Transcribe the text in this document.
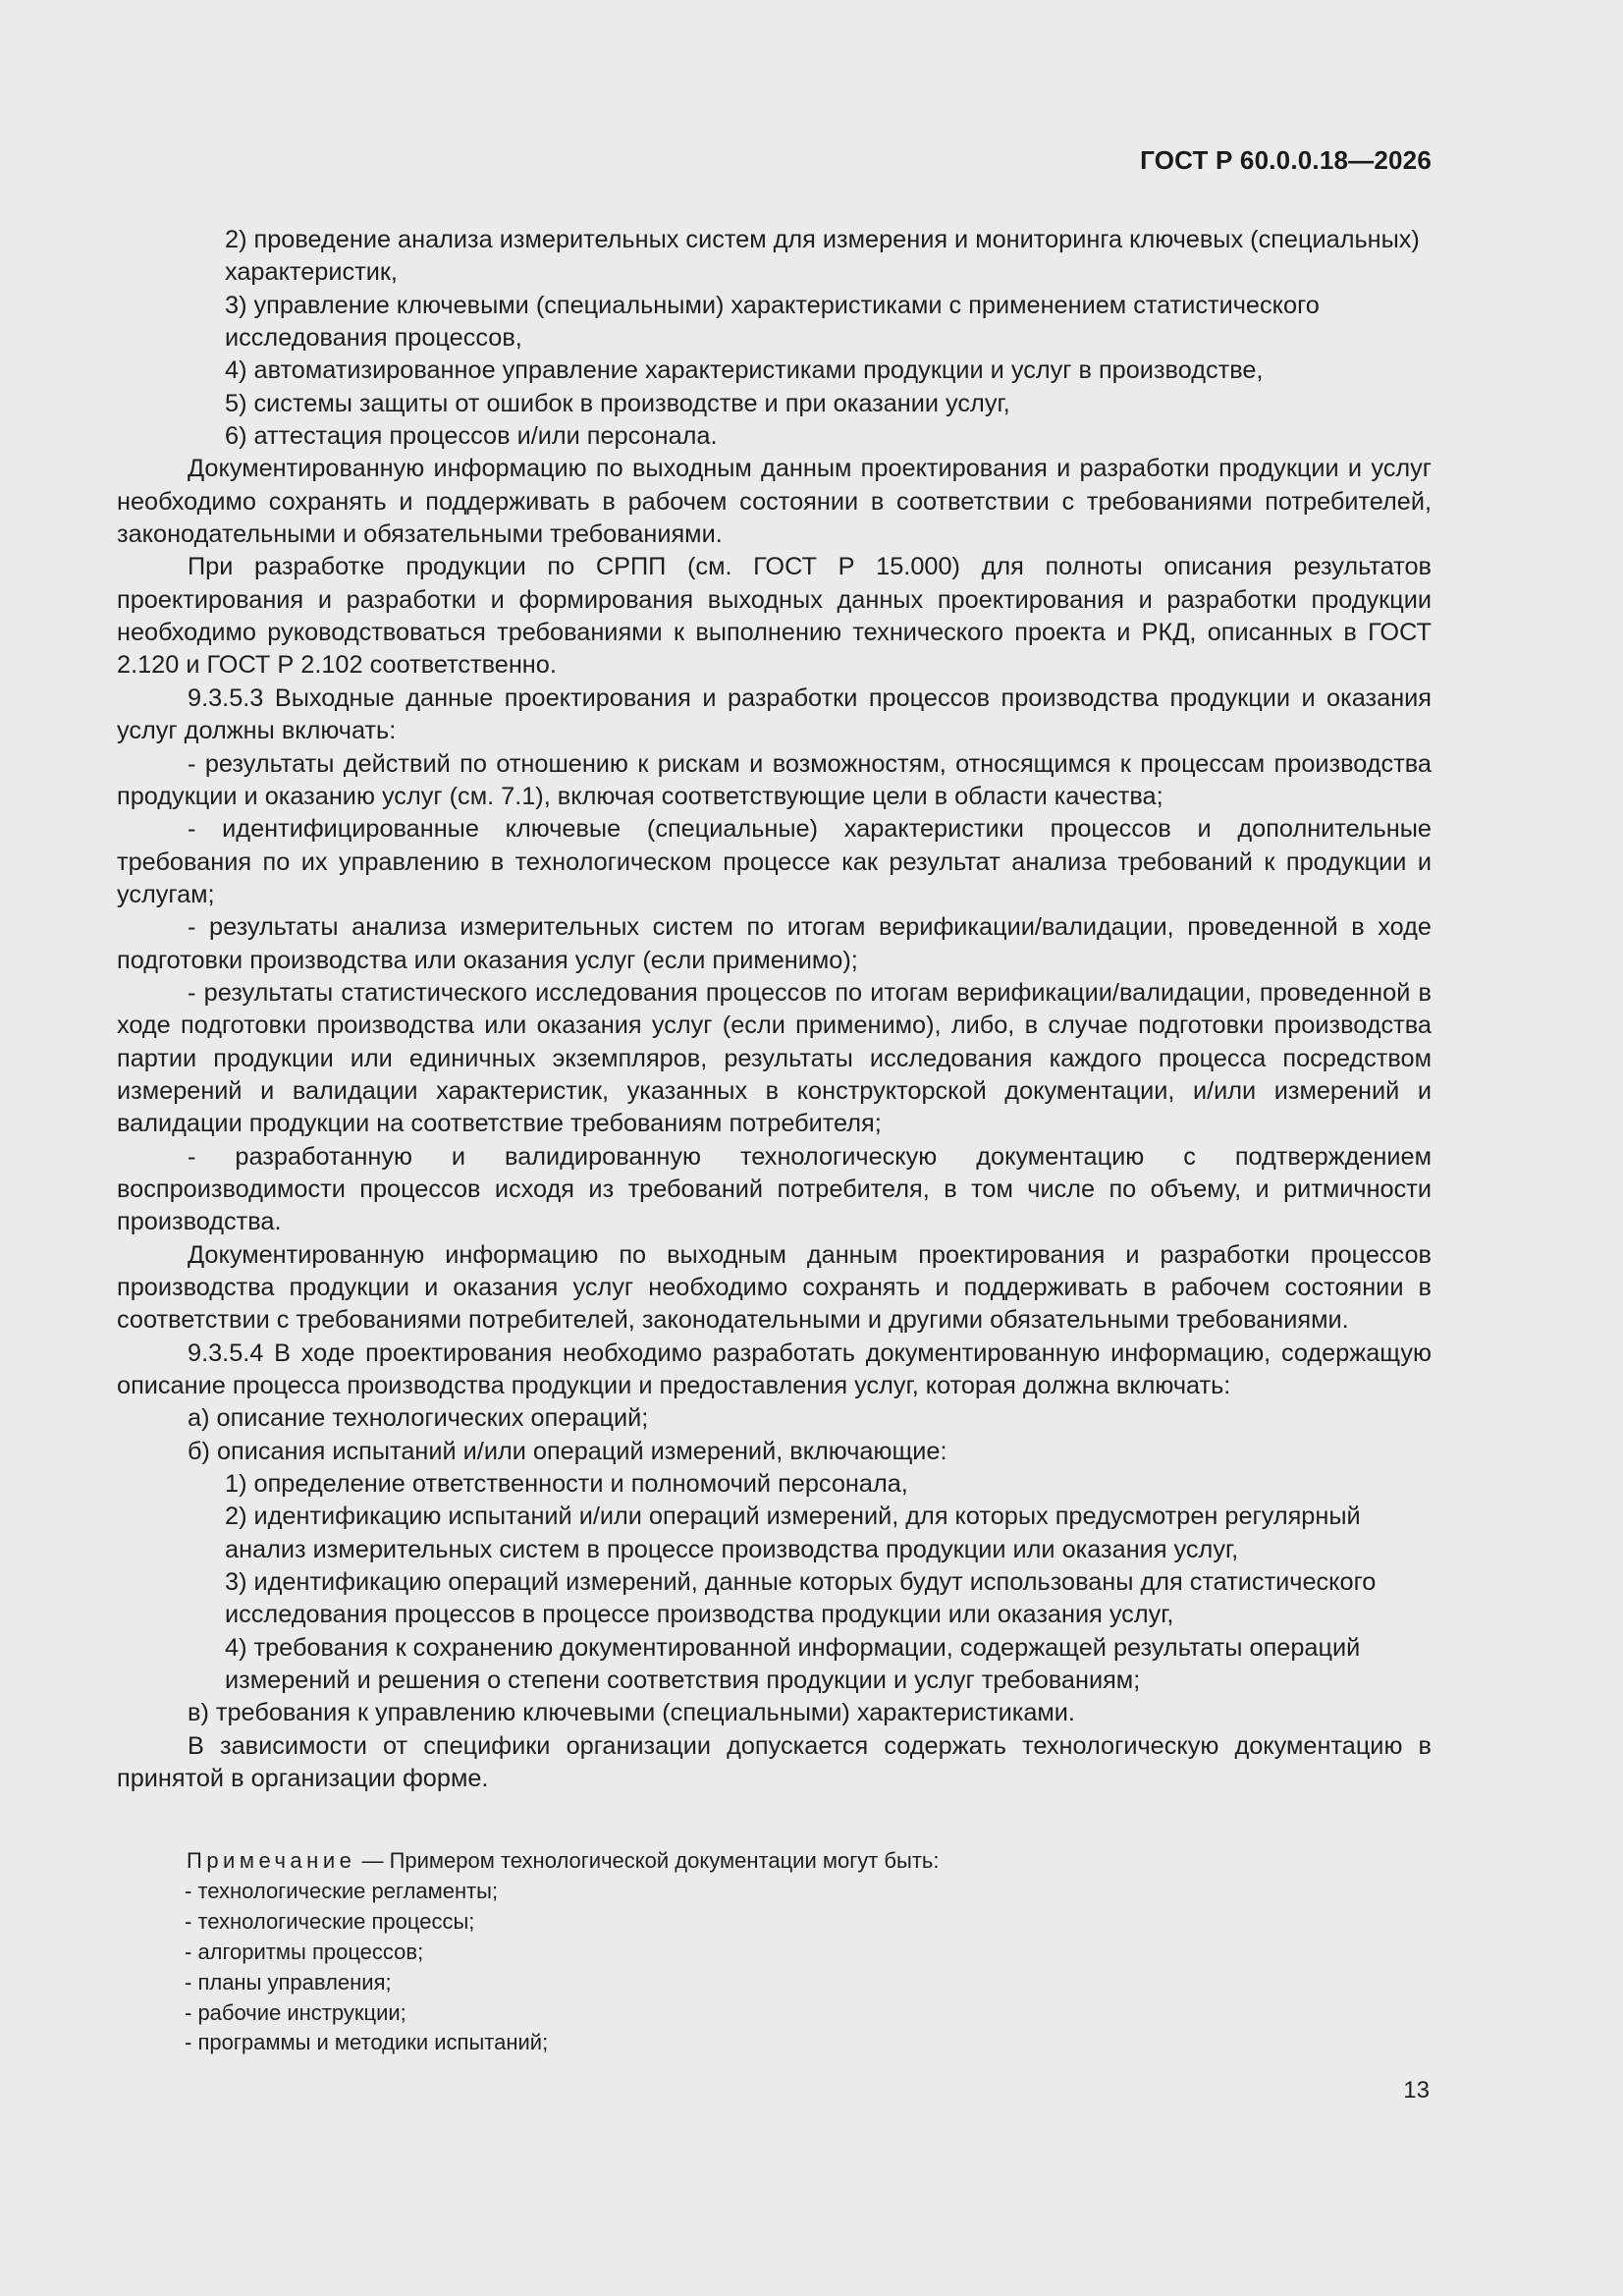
ГОСТ Р 60.0.0.18—2026

2) проведение анализа измерительных систем для измерения и мониторинга ключевых (специальных) характеристик,

3) управление ключевыми (специальными) характеристиками с применением статистического исследования процессов,

4) автоматизированное управление характеристиками продукции и услуг в производстве,

5) системы защиты от ошибок в производстве и при оказании услуг,

6) аттестация процессов и/или персонала.

Документированную информацию по выходным данным проектирования и разработки продукции и услуг необходимо сохранять и поддерживать в рабочем состоянии в соответствии с требованиями потребителей, законодательными и обязательными требованиями.

При разработке продукции по СРПП (см. ГОСТ Р 15.000) для полноты описания результатов проектирования и разработки и формирования выходных данных проектирования и разработки продукции необходимо руководствоваться требованиями к выполнению технического проекта и РКД, описанных в ГОСТ 2.120 и ГОСТ Р 2.102 соответственно.

9.3.5.3 Выходные данные проектирования и разработки процессов производства продукции и оказания услуг должны включать:

- результаты действий по отношению к рискам и возможностям, относящимся к процессам производства продукции и оказанию услуг (см. 7.1), включая соответствующие цели в области качества;

- идентифицированные ключевые (специальные) характеристики процессов и дополнительные требования по их управлению в технологическом процессе как результат анализа требований к продукции и услугам;

- результаты анализа измерительных систем по итогам верификации/валидации, проведенной в ходе подготовки производства или оказания услуг (если применимо);

- результаты статистического исследования процессов по итогам верификации/валидации, проведенной в ходе подготовки производства или оказания услуг (если применимо), либо, в случае подготовки производства партии продукции или единичных экземпляров, результаты исследования каждого процесса посредством измерений и валидации характеристик, указанных в конструкторской документации, и/или измерений и валидации продукции на соответствие требованиям потребителя;

- разработанную и валидированную технологическую документацию с подтверждением воспроизводимости процессов исходя из требований потребителя, в том числе по объему, и ритмичности производства.

Документированную информацию по выходным данным проектирования и разработки процессов производства продукции и оказания услуг необходимо сохранять и поддерживать в рабочем состоянии в соответствии с требованиями потребителей, законодательными и другими обязательными требованиями.

9.3.5.4 В ходе проектирования необходимо разработать документированную информацию, содержащую описание процесса производства продукции и предоставления услуг, которая должна включать:

а) описание технологических операций;

б) описания испытаний и/или операций измерений, включающие:

1) определение ответственности и полномочий персонала,

2) идентификацию испытаний и/или операций измерений, для которых предусмотрен регулярный анализ измерительных систем в процессе производства продукции или оказания услуг,

3) идентификацию операций измерений, данные которых будут использованы для статистического исследования процессов в процессе производства продукции или оказания услуг,

4) требования к сохранению документированной информации, содержащей результаты операций измерений и решения о степени соответствия продукции и услуг требованиям;

в) требования к управлению ключевыми (специальными) характеристиками.

В зависимости от специфики организации допускается содержать технологическую документацию в принятой в организации форме.

Примечание — Примером технологической документации могут быть:

- технологические регламенты;

- технологические процессы;

- алгоритмы процессов;

- планы управления;

- рабочие инструкции;

- программы и методики испытаний;

13
